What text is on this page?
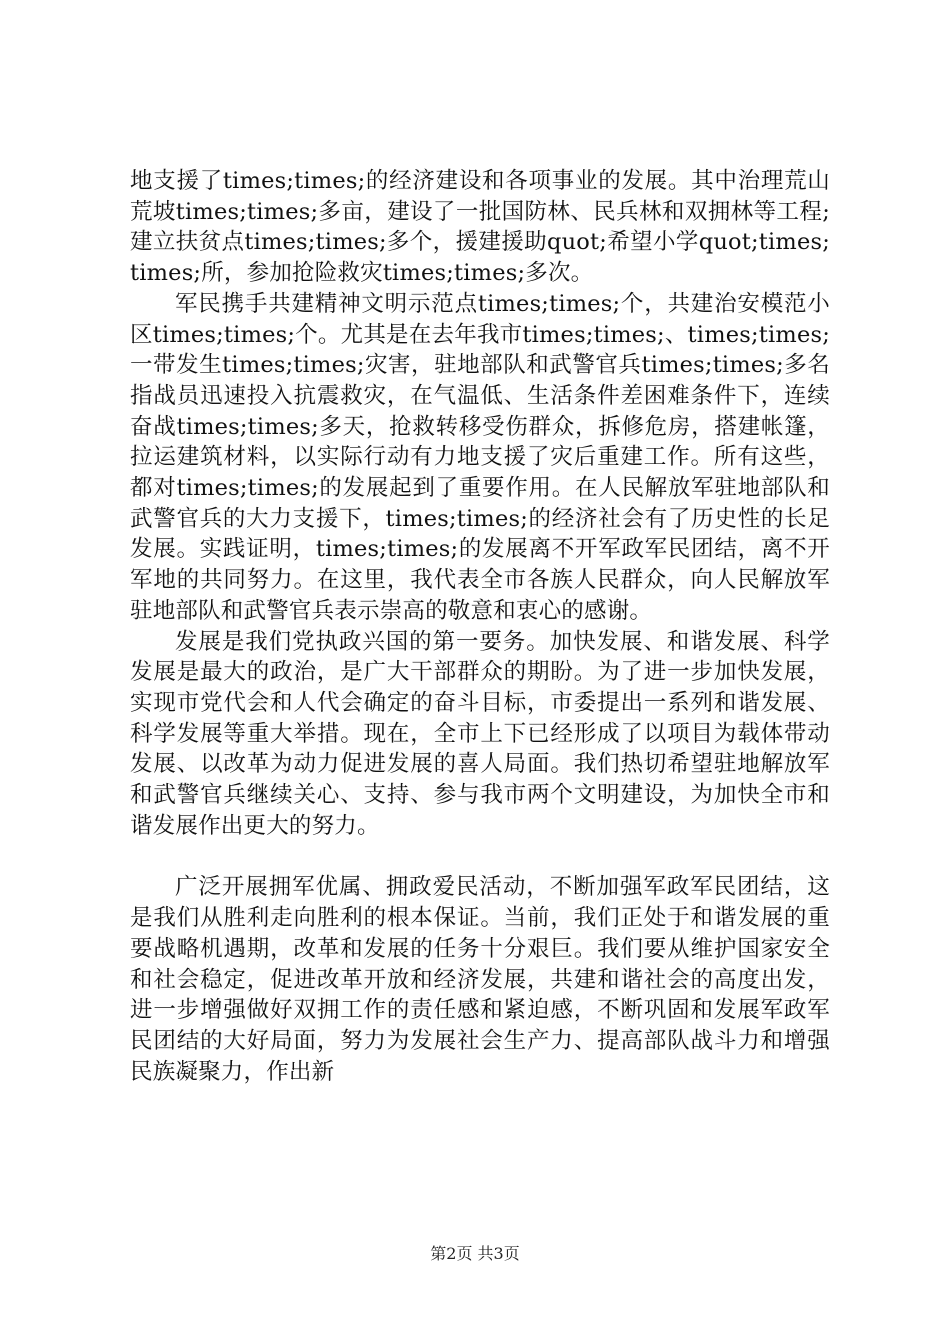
地支援了times;times;的经济建设和各项事业的发展。其中治理荒山荒坡times;times;多亩，建设了一批国防林、民兵林和双拥林等工程;建立扶贫点times;times;多个，援建援助quot;希望小学quot;times;times;所，参加抢险救灾times;times;多次。

军民携手共建精神文明示范点times;times;个，共建治安模范小区times;times;个。尤其是在去年我市times;times;、times;times;一带发生times;times;灾害，驻地部队和武警官兵times;times;多名指战员迅速投入抗震救灾，在气温低、生活条件差困难条件下，连续奋战times;times;多天，抢救转移受伤群众，拆修危房，搭建帐篷，拉运建筑材料，以实际行动有力地支援了灾后重建工作。所有这些，都对times;times;的发展起到了重要作用。在人民解放军驻地部队和武警官兵的大力支援下，times;times;的经济社会有了历史性的长足发展。实践证明，times;times;的发展离不开军政军民团结，离不开军地的共同努力。在这里，我代表全市各族人民群众，向人民解放军驻地部队和武警官兵表示崇高的敬意和衷心的感谢。

发展是我们党执政兴国的第一要务。加快发展、和谐发展、科学发展是最大的政治，是广大干部群众的期盼。为了进一步加快发展，实现市党代会和人代会确定的奋斗目标，市委提出一系列和谐发展、科学发展等重大举措。现在，全市上下已经形成了以项目为载体带动发展、以改革为动力促进发展的喜人局面。我们热切希望驻地解放军和武警官兵继续关心、支持、参与我市两个文明建设，为加快全市和谐发展作出更大的努力。

广泛开展拥军优属、拥政爱民活动，不断加强军政军民团结，这是我们从胜利走向胜利的根本保证。当前，我们正处于和谐发展的重要战略机遇期，改革和发展的任务十分艰巨。我们要从维护国家安全和社会稳定，促进改革开放和经济发展，共建和谐社会的高度出发，进一步增强做好双拥工作的责任感和紧迫感，不断巩固和发展军政军民团结的大好局面，努力为发展社会生产力、提高部队战斗力和增强民族凝聚力，作出新

第2页 共3页
